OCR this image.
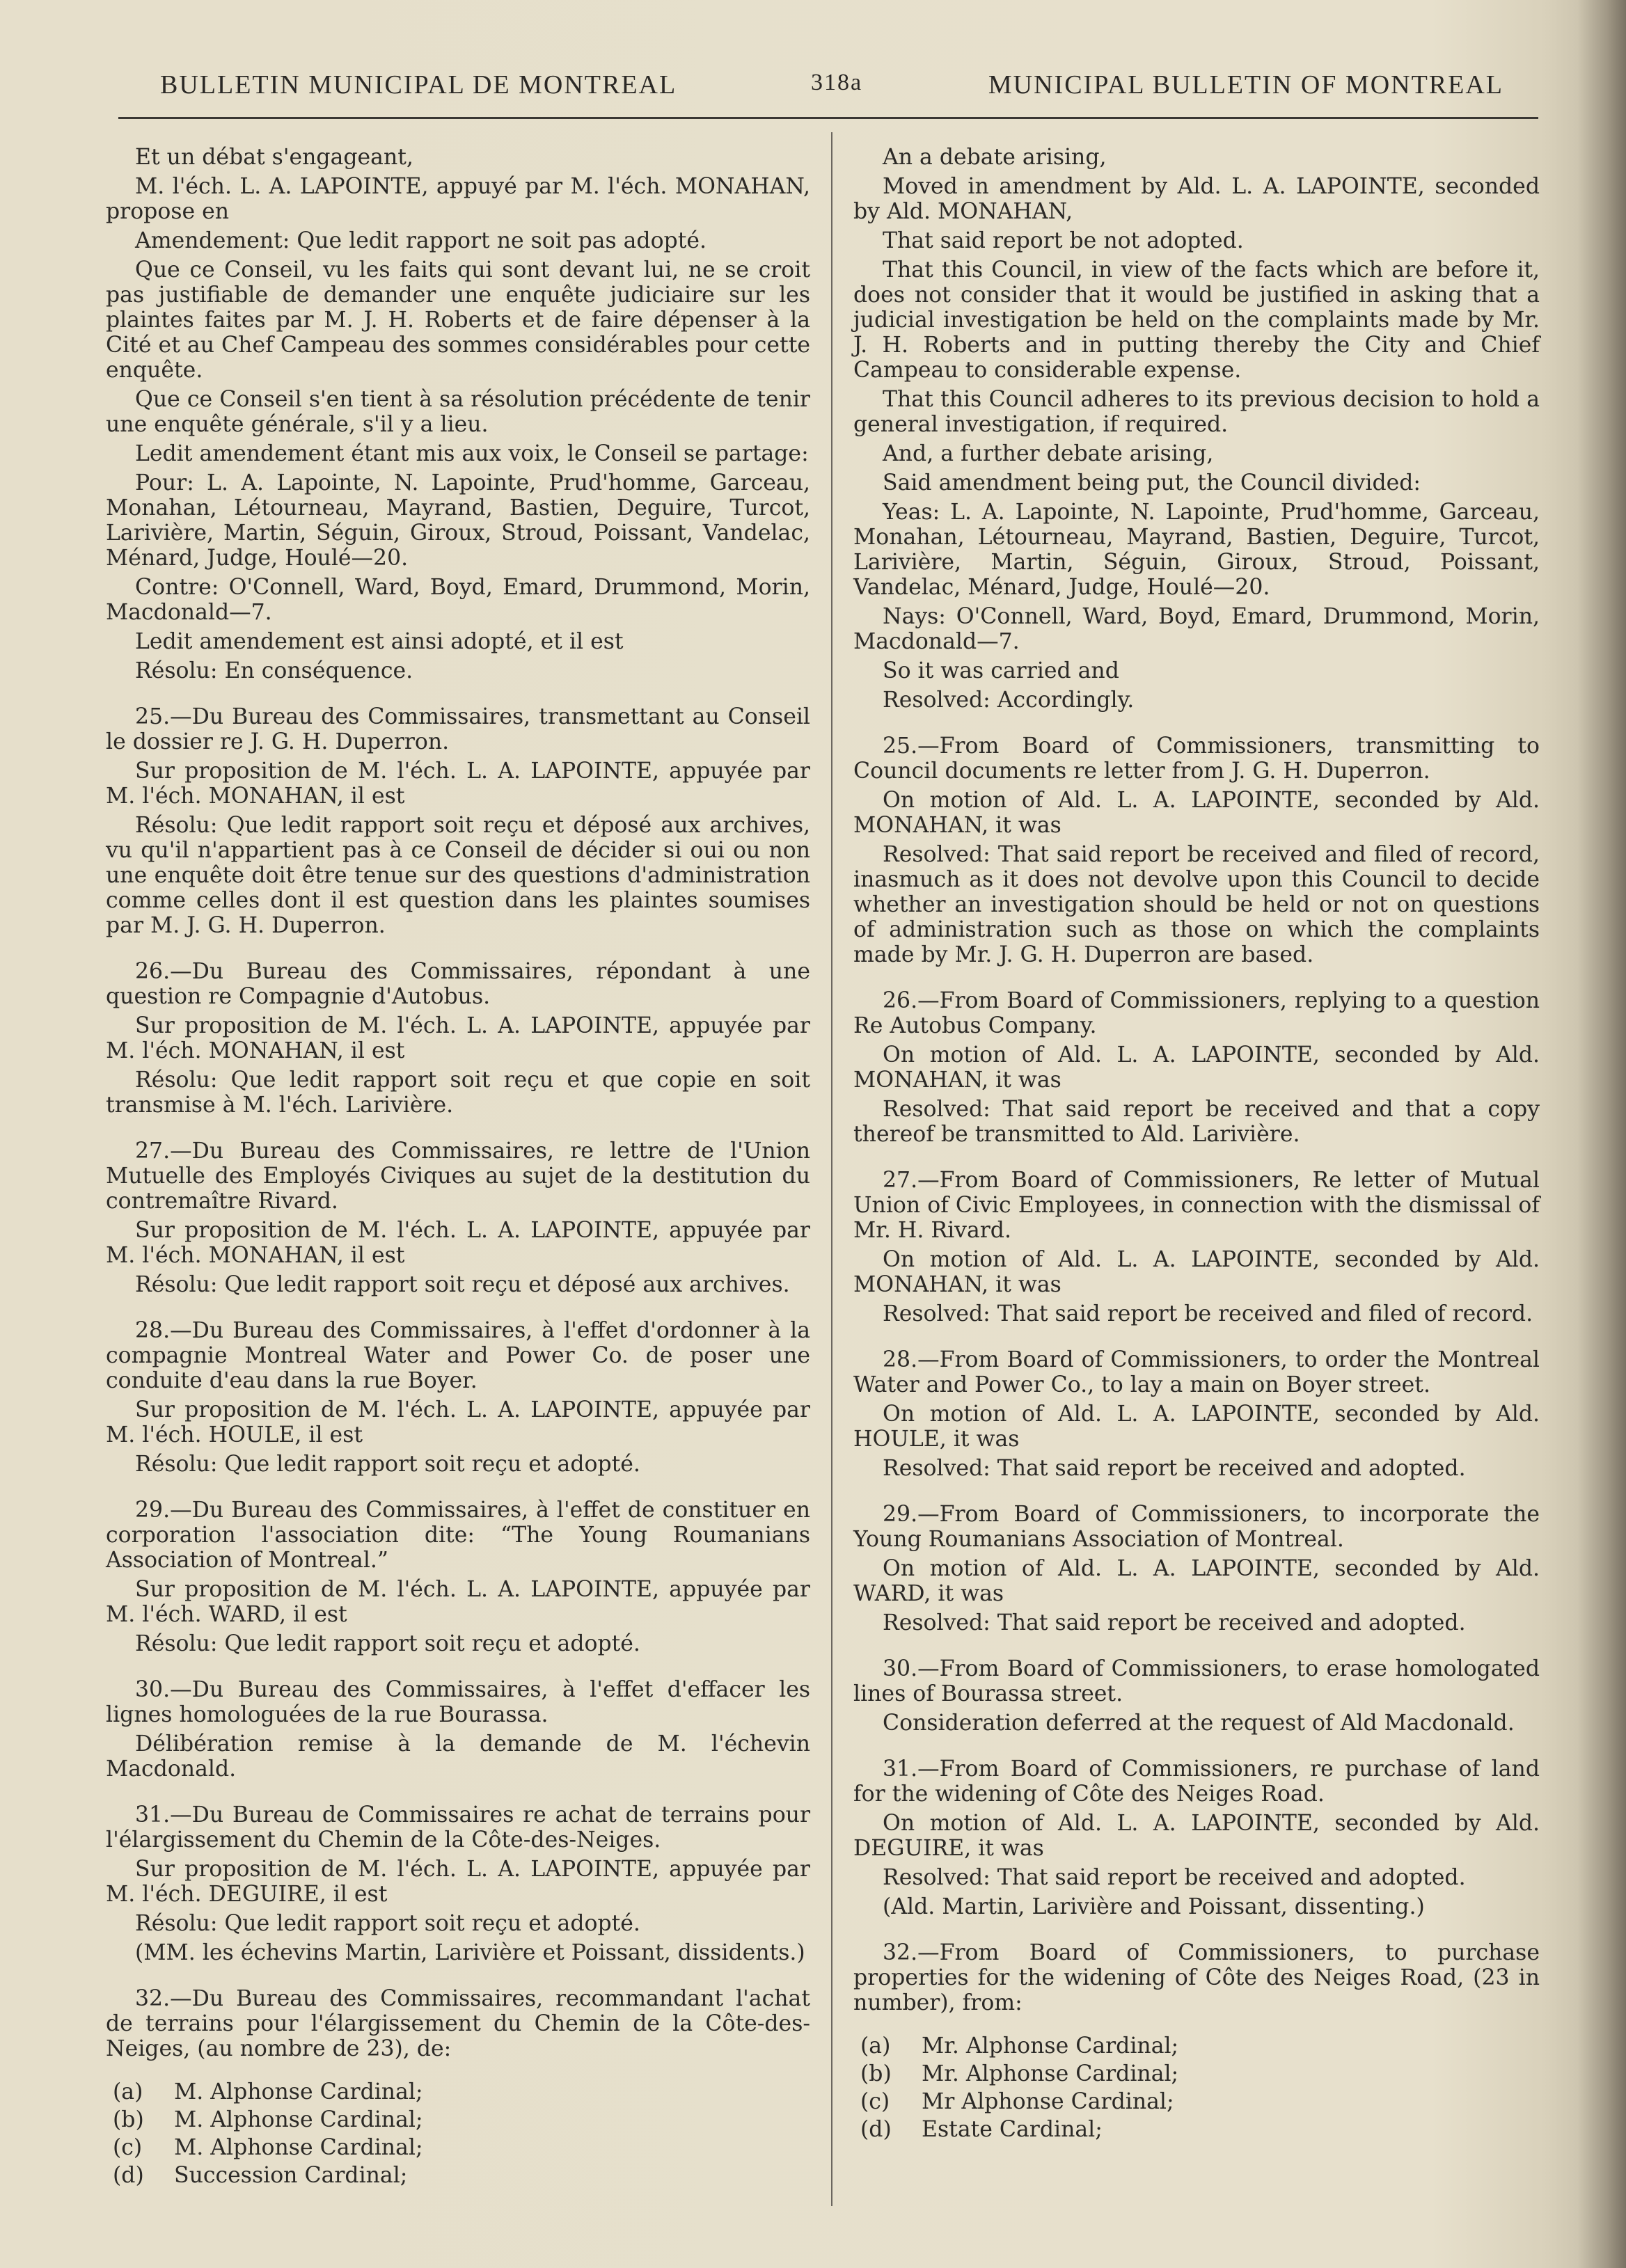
BULLETIN MUNICIPAL DE MONTREAL	318a	MUNICIPAL BULLETIN OF MONTREAL

Et un débat s'engageant,

M. l'éch. L. A. LAPOINTE, appuyé par M. l'éch. MONAHAN, propose en

Amendement: Que ledit rapport ne soit pas adopté.

Que ce Conseil, vu les faits qui sont devant lui, ne se croit pas justifiable de demander une enquête judiciaire sur les plaintes faites par M. J. H. Roberts et de faire dépenser à la Cité et au Chef Campeau des sommes considérables pour cette enquête.

Que ce Conseil s'en tient à sa résolution précédente de tenir une enquête générale, s'il y a lieu.

Ledit amendement étant mis aux voix, le Conseil se partage:

Pour: L. A. Lapointe, N. Lapointe, Prud'homme, Garceau, Monahan, Létourneau, Mayrand, Bastien, Deguire, Turcot, Larivière, Martin, Séguin, Giroux, Stroud, Poissant, Vandelac, Ménard, Judge, Houlé—20.

Contre: O'Connell, Ward, Boyd, Emard, Drummond, Morin, Macdonald—7.

Ledit amendement est ainsi adopté, et il est

Résolu: En conséquence.

25.—Du Bureau des Commissaires, transmettant au Conseil le dossier re J. G. H. Duperron.

Sur proposition de M. l'éch. L. A. LAPOINTE, appuyée par M. l'éch. MONAHAN, il est

Résolu: Que ledit rapport soit reçu et déposé aux archives, vu qu'il n'appartient pas à ce Conseil de décider si oui ou non une enquête doit être tenue sur des questions d'administration comme celles dont il est question dans les plaintes soumises par M. J. G. H. Duperron.

26.—Du Bureau des Commissaires, répondant à une question re Compagnie d'Autobus.

Sur proposition de M. l'éch. L. A. LAPOINTE, appuyée par M. l'éch. MONAHAN, il est

Résolu: Que ledit rapport soit reçu et que copie en soit transmise à M. l'éch. Larivière.

27.—Du Bureau des Commissaires, re lettre de l'Union Mutuelle des Employés Civiques au sujet de la destitution du contremaître Rivard.

Sur proposition de M. l'éch. L. A. LAPOINTE, appuyée par M. l'éch. MONAHAN, il est

Résolu: Que ledit rapport soit reçu et déposé aux archives.

28.—Du Bureau des Commissaires, à l'effet d'ordonner à la compagnie Montreal Water and Power Co. de poser une conduite d'eau dans la rue Boyer.

Sur proposition de M. l'éch. L. A. LAPOINTE, appuyée par M. l'éch. HOULE, il est

Résolu: Que ledit rapport soit reçu et adopté.

29.—Du Bureau des Commissaires, à l'effet de constituer en corporation l'association dite: “The Young Roumanians Association of Montreal.”

Sur proposition de M. l'éch. L. A. LAPOINTE, appuyée par M. l'éch. WARD, il est

Résolu: Que ledit rapport soit reçu et adopté.

30.—Du Bureau des Commissaires, à l'effet d'effacer les lignes homologuées de la rue Bourassa.

Délibération remise à la demande de M. l'échevin Macdonald.

31.—Du Bureau de Commissaires re achat de terrains pour l'élargissement du Chemin de la Côte-des-Neiges.

Sur proposition de M. l'éch. L. A. LAPOINTE, appuyée par M. l'éch. DEGUIRE, il est

Résolu: Que ledit rapport soit reçu et adopté.

(MM. les échevins Martin, Larivière et Poissant, dissidents.)

32.—Du Bureau des Commissaires, recommandant l'achat de terrains pour l'élargissement du Chemin de la Côte-des-Neiges, (au nombre de 23), de:

(a) M. Alphonse Cardinal;

(b) M. Alphonse Cardinal;

(c) M. Alphonse Cardinal;

(d) Succession Cardinal;

An a debate arising,

Moved in amendment by Ald. L. A. LAPOINTE, seconded by Ald. MONAHAN,

That said report be not adopted.

That this Council, in view of the facts which are before it, does not consider that it would be justified in asking that a judicial investigation be held on the complaints made by Mr. J. H. Roberts and in putting thereby the City and Chief Campeau to considerable expense.

That this Council adheres to its previous decision to hold a general investigation, if required.

And, a further debate arising,

Said amendment being put, the Council divided:

Yeas: L. A. Lapointe, N. Lapointe, Prud'homme, Garceau, Monahan, Létourneau, Mayrand, Bastien, Deguire, Turcot, Larivière, Martin, Séguin, Giroux, Stroud, Poissant, Vandelac, Ménard, Judge, Houlé—20.

Nays: O'Connell, Ward, Boyd, Emard, Drummond, Morin, Macdonald—7.

So it was carried and

Resolved: Accordingly.

25.—From Board of Commissioners, transmitting to Council documents re letter from J. G. H. Duperron.

On motion of Ald. L. A. LAPOINTE, seconded by Ald. MONAHAN, it was

Resolved: That said report be received and filed of record, inasmuch as it does not devolve upon this Council to decide whether an investigation should be held or not on questions of administration such as those on which the complaints made by Mr. J. G. H. Duperron are based.

26.—From Board of Commissioners, replying to a question Re Autobus Company.

On motion of Ald. L. A. LAPOINTE, seconded by Ald. MONAHAN, it was

Resolved: That said report be received and that a copy thereof be transmitted to Ald. Larivière.

27.—From Board of Commissioners, Re letter of Mutual Union of Civic Employees, in connection with the dismissal of Mr. H. Rivard.

On motion of Ald. L. A. LAPOINTE, seconded by Ald. MONAHAN, it was

Resolved: That said report be received and filed of record.

28.—From Board of Commissioners, to order the Montreal Water and Power Co., to lay a main on Boyer street.

On motion of Ald. L. A. LAPOINTE, seconded by Ald. HOULE, it was

Resolved: That said report be received and adopted.

29.—From Board of Commissioners, to incorporate the Young Roumanians Association of Montreal.

On motion of Ald. L. A. LAPOINTE, seconded by Ald. WARD, it was

Resolved: That said report be received and adopted.

30.—From Board of Commissioners, to erase homologated lines of Bourassa street.

Consideration deferred at the request of Ald Macdonald.

31.—From Board of Commissioners, re purchase of land for the widening of Côte des Neiges Road.

On motion of Ald. L. A. LAPOINTE, seconded by Ald. DEGUIRE, it was

Resolved: That said report be received and adopted.

(Ald. Martin, Larivière and Poissant, dissenting.)

32.—From Board of Commissioners, to purchase properties for the widening of Côte des Neiges Road, (23 in number), from:

(a) Mr. Alphonse Cardinal;

(b) Mr. Alphonse Cardinal;

(c) Mr Alphonse Cardinal;

(d) Estate Cardinal;
